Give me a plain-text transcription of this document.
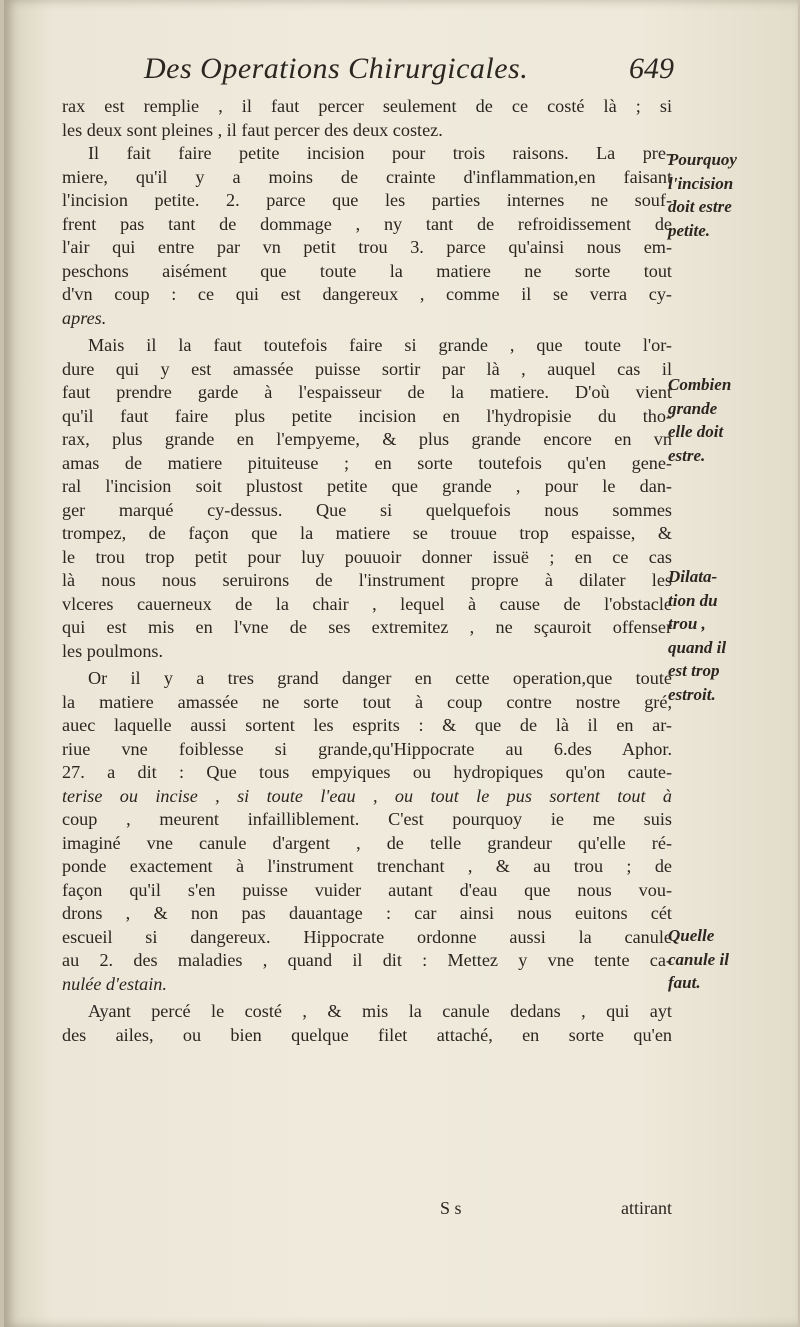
Des Operations Chirurgicales.	649
rax est remplie , il faut percer seulement de ce costé là ; si
les deux sont pleines , il faut percer des deux costez.
Il fait faire petite incision pour trois raisons. La pre-
miere, qu'il y a moins de crainte d'inflammation,en faisant
l'incision petite. 2. parce que les parties internes ne souf-
frent pas tant de dommage , ny tant de refroidissement de
l'air qui entre par vn petit trou 3. parce qu'ainsi nous em-
peschons aisément que toute la matiere ne sorte tout
d'vn coup : ce qui est dangereux , comme il se verra cy-
apres.
Mais il la faut toutefois faire si grande , que toute l'or-
dure qui y est amassée puisse sortir par là , auquel cas il
faut prendre garde à l'espaisseur de la matiere. D'où vient
qu'il faut faire plus petite incision en l'hydropisie du tho-
rax, plus grande en l'empyeme, & plus grande encore en vn
amas de matiere pituiteuse ; en sorte toutefois qu'en gene-
ral l'incision soit plustost petite que grande , pour le dan-
ger marqué cy-dessus. Que si quelquefois nous sommes
trompez, de façon que la matiere se trouue trop espaisse, &
le trou trop petit pour luy pouuoir donner issuë ; en ce cas
là nous nous seruirons de l'instrument propre à dilater les
vlceres cauerneux de la chair , lequel à cause de l'obstacle
qui est mis en l'vne de ses extremitez , ne sçauroit offenser
les poulmons.
Or il y a tres grand danger en cette operation,que toute
la matiere amassée ne sorte tout à coup contre nostre gré,
auec laquelle aussi sortent les esprits : & que de là il en ar-
riue vne foiblesse si grande,qu'Hippocrate au 6.des Aphor.
27. a dit : Que tous empyiques ou hydropiques qu'on caute-
terise ou incise , si toute l'eau , ou tout le pus sortent tout à
coup , meurent infailliblement. C'est pourquoy ie me suis
imaginé vne canule d'argent , de telle grandeur qu'elle ré-
ponde exactement à l'instrument trenchant , & au trou ; de
façon qu'il s'en puisse vuider autant d'eau que nous vou-
drons , & non pas dauantage : car ainsi nous euitons cét
escueil si dangereux. Hippocrate ordonne aussi la canule
au 2. des maladies , quand il dit : Mettez y vne tente ca-
nulée d'estain.
Ayant percé le costé , & mis la canule dedans , qui ayt
des ailes, ou bien quelque filet attaché, en sorte qu'en
Pourquoy
l'incision
doit estre
petite.
Combien
grande
elle doit
estre.
Dilata-
tion du
trou ,
quand il
est trop
estroit.
Quelle
canule il
faut.
S s	attirant
